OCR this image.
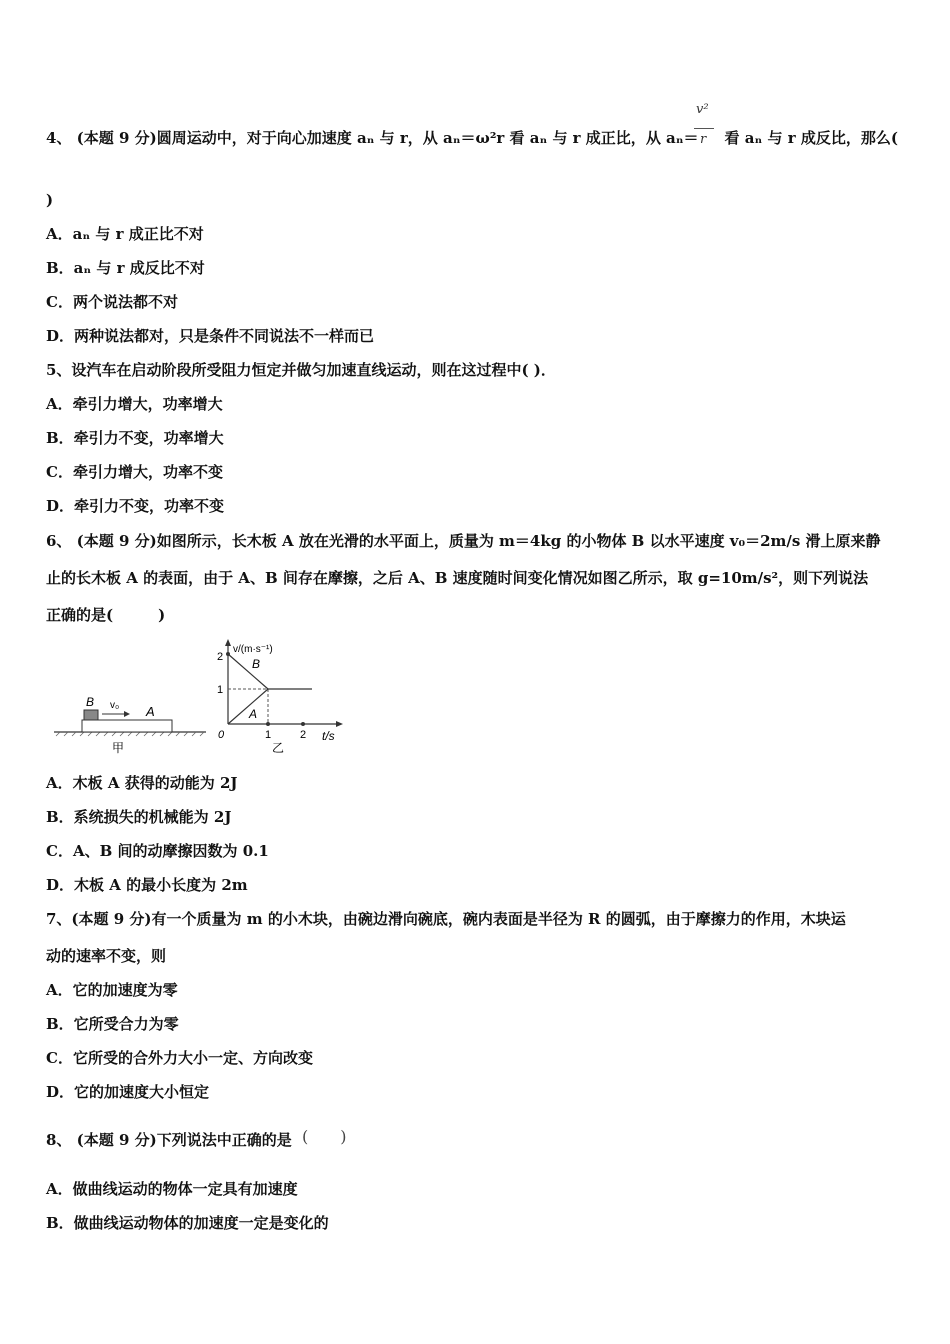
4、 (本题 9 分)圆周运动中，对于向心加速度 aₙ 与 r，从 aₙ＝ω²r 看 aₙ 与 r 成正比，从 aₙ＝ 看 aₙ 与 r 成反比，那么(
v²
r
)
A．aₙ 与 r 成正比不对
B．aₙ 与 r 成反比不对
C．两个说法都不对
D．两种说法都对，只是条件不同说法不一样而已
5、设汽车在启动阶段所受阻力恒定并做匀加速直线运动，则在这过程中( )．
A．牵引力增大，功率增大
B．牵引力不变，功率增大
C．牵引力增大，功率不变
D．牵引力不变，功率不变
6、 (本题 9 分)如图所示，长木板 A 放在光滑的水平面上，质量为 m＝4kg 的小物体 B 以水平速度 v₀＝2m/s 滑上原来静
止的长木板 A 的表面，由于 A、B 间存在摩擦，之后 A、B 速度随时间变化情况如图乙所示，取 g=10m/s²，则下列说法
正确的是(　　　)
B v₀ A
甲
2
1
0	1	2 t/s
v/(m·s⁻¹)
B
A
乙
A．木板 A 获得的动能为 2J
B．系统损失的机械能为 2J
C．A、B 间的动摩擦因数为 0.1
D．木板 A 的最小长度为 2m
7、(本题 9 分)有一个质量为 m 的小木块，由碗边滑向碗底，碗内表面是半径为 R 的圆弧，由于摩擦力的作用，木块运
动的速率不变，则
A．它的加速度为零
B．它所受合力为零
C．它所受的合外力大小一定、方向改变
D．它的加速度大小恒定
8、 (本题 9 分)下列说法中正确的是 (　　)
A．做曲线运动的物体一定具有加速度
B．做曲线运动物体的加速度一定是变化的
